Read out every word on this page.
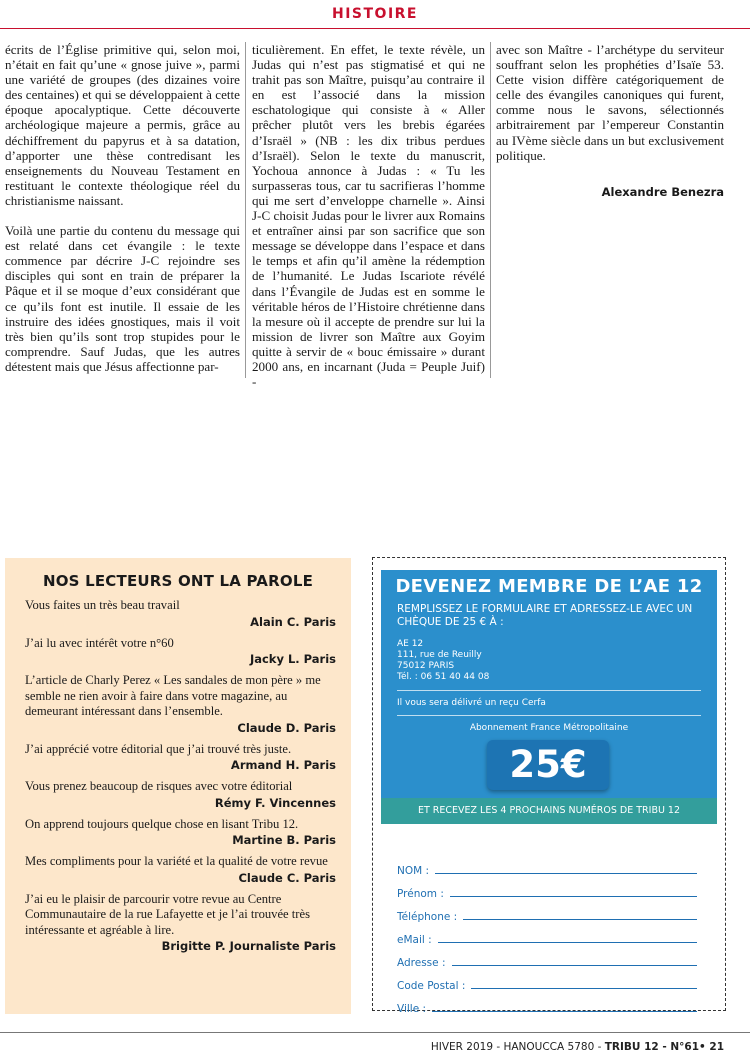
HISTOIRE

écrits de l’Église primitive qui, selon moi, n’était en fait qu’une « gnose juive », parmi une variété de groupes (des dizaines voire des centaines) et qui se développaient à cette époque apocalyptique. Cette découverte archéologique majeure a permis, grâce au déchiffrement du papyrus et à sa datation, d’apporter une thèse contredisant les enseignements du Nouveau Testament en restituant le contexte théologique réel du christianisme naissant.

Voilà une partie du contenu du message qui est relaté dans cet évangile : le texte commence par décrire J-C rejoindre ses disciples qui sont en train de préparer la Pâque et il se moque d’eux considérant que ce qu’ils font est inutile. Il essaie de les instruire des idées gnostiques, mais il voit très bien qu’ils sont trop stupides pour le comprendre. Sauf Judas, que les autres détestent mais que Jésus affectionne par-

ticulièrement. En effet, le texte révèle, un Judas qui n’est pas stigmatisé et qui ne trahit pas son Maître, puisqu’au contraire il en est l’associé dans la mission eschatologique qui consiste à « Aller prêcher plutôt vers les brebis égarées d’Israël » (NB : les dix tribus perdues d’Israël). Selon le texte du manuscrit, Yochoua annonce à Judas : « Tu les surpasseras tous, car tu sacrifieras l’homme qui me sert d’enveloppe charnelle ». Ainsi J-C choisit Judas pour le livrer aux Romains et entraîner ainsi par son sacrifice que son message se développe dans l’espace et dans le temps et afin qu’il amène la rédemption de l’humanité. Le Judas Iscariote révélé dans l’Évangile de Judas est en somme le véritable héros de l’Histoire chrétienne dans la mesure où il accepte de prendre sur lui la mission de livrer son Maître aux Goyim quitte à servir de « bouc émissaire » durant 2000 ans, en incarnant (Juda = Peuple Juif) -

avec son Maître - l’archétype du serviteur souffrant selon les prophéties d’Isaïe 53. Cette vision diffère catégoriquement de celle des évangiles canoniques qui furent, comme nous le savons, sélectionnés arbitrairement par l’empereur Constantin au IVème siècle dans un but exclusivement politique.

Alexandre Benezra
NOS LECTEURS ONT LA PAROLE
Vous faites un très beau travail
Alain C. Paris
J’ai lu avec intérêt votre n°60
Jacky L. Paris
L’article de Charly Perez « Les sandales de mon père » me semble ne rien avoir à faire dans votre magazine, au demeurant intéressant dans l’ensemble.
Claude D. Paris
J’ai apprécié votre éditorial que j’ai trouvé très juste.
Armand H. Paris
Vous prenez beaucoup de risques avec votre éditorial
Rémy F. Vincennes
On apprend toujours quelque chose en lisant Tribu 12.
Martine B. Paris
Mes compliments pour la variété et la qualité de votre revue
Claude C. Paris
J’ai eu le plaisir de parcourir votre revue au Centre Communautaire de la rue Lafayette et je l’ai trouvée très intéressante et agréable à lire.
Brigitte P. Journaliste Paris
DEVENEZ MEMBRE DE L’AE 12
REMPLISSEZ LE FORMULAIRE ET ADRESSEZ-LE AVEC UN CHÈQUE DE 25 € À :
AE 12
111, rue de Reuilly
75012 PARIS
Tél. : 06 51 40 44 08
Il vous sera délivré un reçu Cerfa
Abonnement France Métropolitaine
25€
ET RECEVEZ LES 4 PROCHAINS NUMÉROS DE TRIBU 12
NOM :
Prénom :
Téléphone :
eMail :
Adresse :
Code Postal :
Ville :
HIVER 2019 - HANOUCCA 5780 - TRIBU 12 - N°61• 21
